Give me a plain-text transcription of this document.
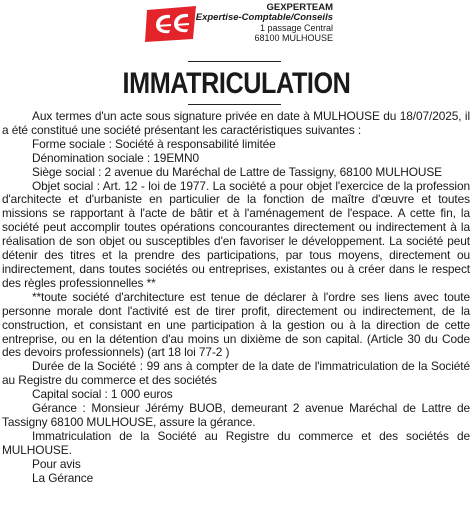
GEXPERTEAM
Expertise-Comptable/Conseils
1 passage Central
68100 MULHOUSE
IMMATRICULATION

Aux termes d'un acte sous signature privée en date à MULHOUSE du 18/07/2025, il a été constitué une société présentant les caractéristiques suivantes :

Forme sociale : Société à responsabilité limitée

Dénomination sociale : 19EMN0

Siège social : 2 avenue du Maréchal de Lattre de Tassigny, 68100 MULHOUSE

Objet social : Art. 12 - loi de 1977. La société a pour objet l'exercice de la profession d'architecte et d'urbaniste en particulier de la fonction de maître d'œuvre et toutes missions se rapportant à l'acte de bâtir et à l'aménagement de l'espace. A cette fin, la société peut accomplir toutes opérations concourantes directement ou indirectement à la réalisation de son objet ou susceptibles d'en favoriser le développement. La société peut détenir des titres et la prendre des participations, par tous moyens, directement ou indirectement, dans toutes sociétés ou entreprises, existantes ou à créer dans le respect des règles professionnelles **

**toute société d'architecture est tenue de déclarer à l'ordre ses liens avec toute personne morale dont l'activité est de tirer profit, directement ou indirectement, de la construction, et consistant en une participation à la gestion ou à la direction de cette entreprise, ou en la détention d'au moins un dixième de son capital. (Article 30 du Code des devoirs professionnels) (art 18 loi 77-2 )

Durée de la Société : 99 ans à compter de la date de l'immatriculation de la Société au Registre du commerce et des sociétés

Capital social : 1 000 euros

Gérance : Monsieur Jérémy BUOB, demeurant 2 avenue Maréchal de Lattre de Tassigny 68100 MULHOUSE, assure la gérance.

Immatriculation de la Société au Registre du commerce et des sociétés de MULHOUSE.

Pour avis

La Gérance
